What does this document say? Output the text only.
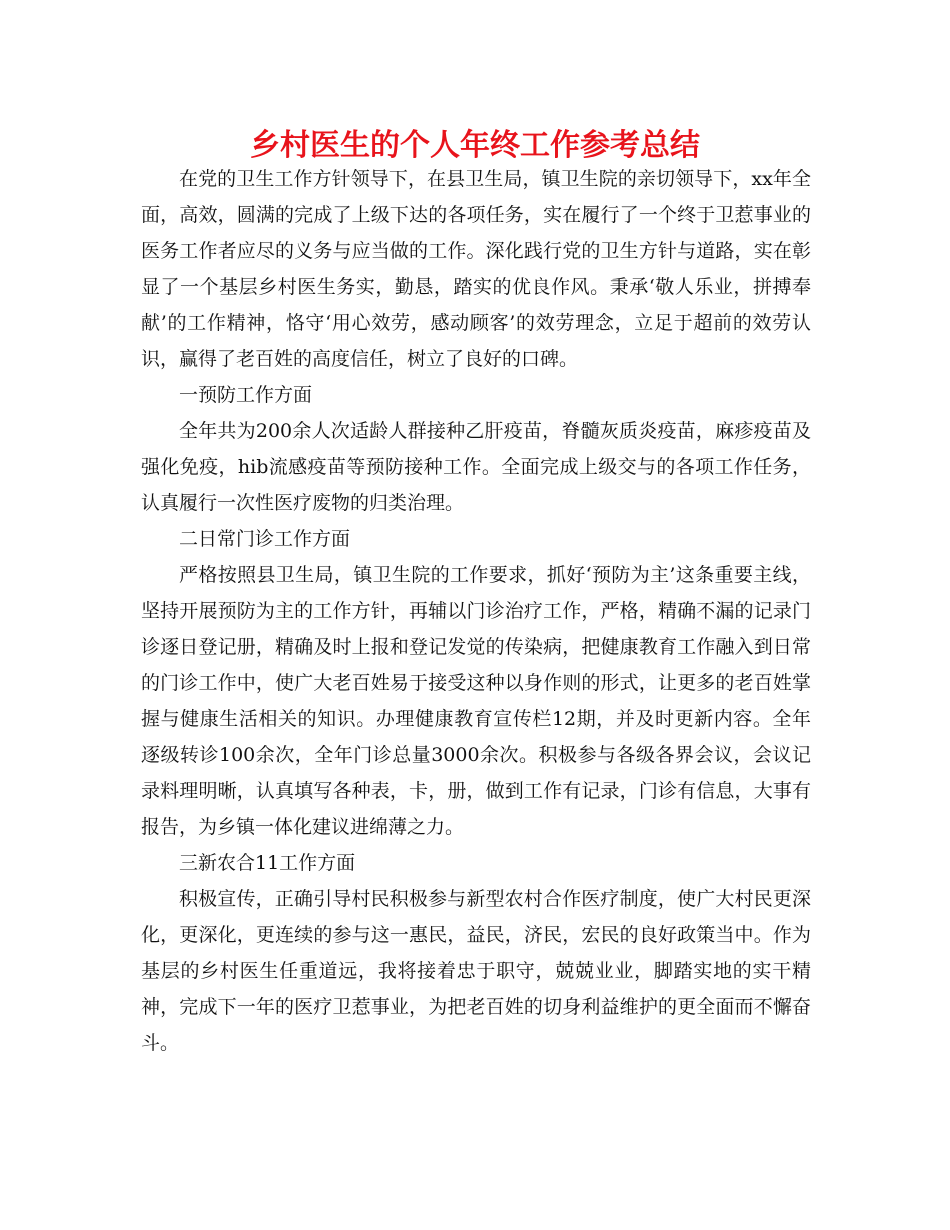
乡村医生的个人年终工作参考总结

在党的卫生工作方针领导下，在县卫生局，镇卫生院的亲切领导下，xx年全面，高效，圆满的完成了上级下达的各项任务，实在履行了一个终于卫惹事业的医务工作者应尽的义务与应当做的工作。深化践行党的卫生方针与道路，实在彰显了一个基层乡村医生务实，勤恳，踏实的优良作风。秉承‘敬人乐业，拼搏奉献’的工作精神，恪守‘用心效劳，感动顾客’的效劳理念，立足于超前的效劳认识，赢得了老百姓的高度信任，树立了良好的口碑。

一预防工作方面

全年共为200余人次适龄人群接种乙肝疫苗，脊髓灰质炎疫苗，麻疹疫苗及强化免疫，hib流感疫苗等预防接种工作。全面完成上级交与的各项工作任务，认真履行一次性医疗废物的归类治理。

二日常门诊工作方面

严格按照县卫生局，镇卫生院的工作要求，抓好‘预防为主’这条重要主线，坚持开展预防为主的工作方针，再辅以门诊治疗工作，严格，精确不漏的记录门诊逐日登记册，精确及时上报和登记发觉的传染病，把健康教育工作融入到日常的门诊工作中，使广大老百姓易于接受这种以身作则的形式，让更多的老百姓掌握与健康生活相关的知识。办理健康教育宣传栏12期，并及时更新内容。全年逐级转诊100余次，全年门诊总量3000余次。积极参与各级各界会议，会议记录料理明晰，认真填写各种表，卡，册，做到工作有记录，门诊有信息，大事有报告，为乡镇一体化建议进绵薄之力。

三新农合11工作方面

积极宣传，正确引导村民积极参与新型农村合作医疗制度，使广大村民更深化，更深化，更连续的参与这一惠民，益民，济民，宏民的良好政策当中。作为基层的乡村医生任重道远，我将接着忠于职守，兢兢业业，脚踏实地的实干精神，完成下一年的医疗卫惹事业，为把老百姓的切身利益维护的更全面而不懈奋斗。
